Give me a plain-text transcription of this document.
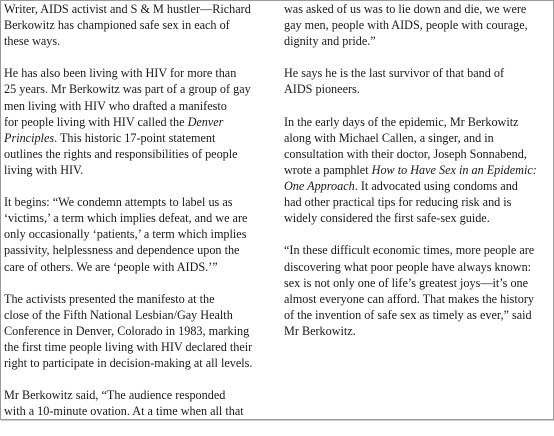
Writer, AIDS activist and S & M hustler—Richard
Berkowitz has championed safe sex in each of
these ways.

He has also been living with HIV for more than
25 years. Mr Berkowitz was part of a group of gay
men living with HIV who drafted a manifesto
for people living with HIV called the Denver
Principles. This historic 17-point statement
outlines the rights and responsibilities of people
living with HIV.

It begins: “We condemn attempts to label us as
‘victims,’ a term which implies defeat, and we are
only occasionally ‘patients,’ a term which implies
passivity, helplessness and dependence upon the
care of others. We are ‘people with AIDS.’”

The activists presented the manifesto at the
close of the Fifth National Lesbian/Gay Health
Conference in Denver, Colorado in 1983, marking
the first time people living with HIV declared their
right to participate in decision-making at all levels.

Mr Berkowitz said, “The audience responded
with a 10-minute ovation. At a time when all that

was asked of us was to lie down and die, we were
gay men, people with AIDS, people with courage,
dignity and pride.”

He says he is the last survivor of that band of
AIDS pioneers.

In the early days of the epidemic, Mr Berkowitz
along with Michael Callen, a singer, and in
consultation with their doctor, Joseph Sonnabend,
wrote a pamphlet How to Have Sex in an Epidemic:
One Approach. It advocated using condoms and
had other practical tips for reducing risk and is
widely considered the first safe-sex guide.

“In these difficult economic times, more people are
discovering what poor people have always known:
sex is not only one of life’s greatest joys—it’s one
almost everyone can afford. That makes the history
of the invention of safe sex as timely as ever,” said
Mr Berkowitz.
